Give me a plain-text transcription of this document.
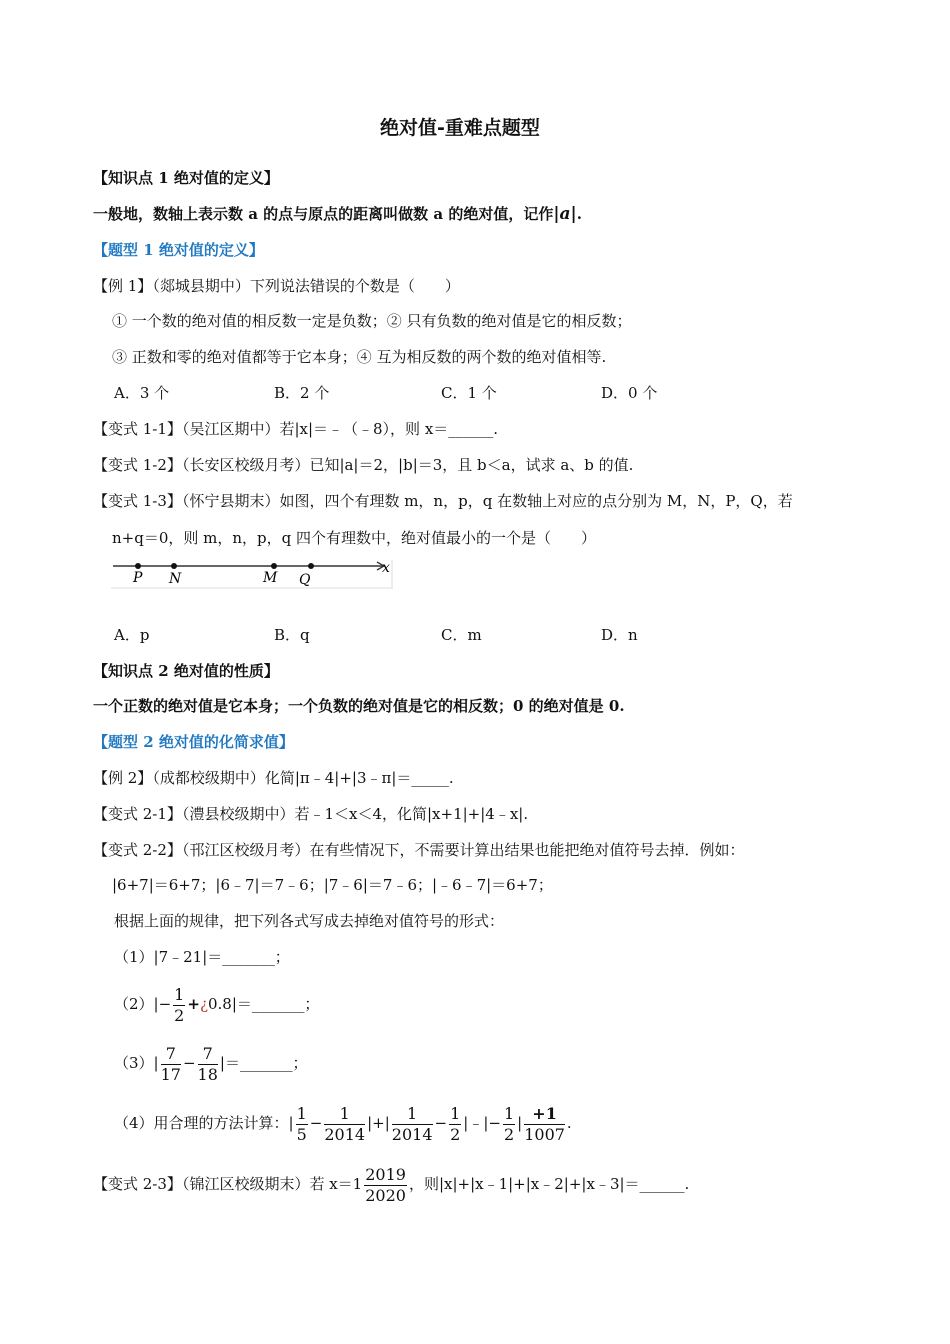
绝对值-重难点题型
【知识点 1 绝对值的定义】
一般地，数轴上表示数 a 的点与原点的距离叫做数 a 的绝对值，记作|a|.
【题型 1 绝对值的定义】
【例 1】（郯城县期中）下列说法错误的个数是（　　）
① 一个数的绝对值的相反数一定是负数；② 只有负数的绝对值是它的相反数；
③ 正数和零的绝对值都等于它本身；④ 互为相反数的两个数的绝对值相等.
A．3 个	B．2 个	C．1 个	D．0 个
【变式 1-1】（吴江区期中）若|x|＝﹣（﹣8），则 x＝______.
【变式 1-2】（长安区校级月考）已知|a|＝2，|b|＝3，且 b＜a，试求 a、b 的值.
【变式 1-3】（怀宁县期末）如图，四个有理数 m，n，p，q 在数轴上对应的点分别为 M，N，P，Q，若
n+q＝0，则 m，n，p，q 四个有理数中，绝对值最小的一个是（　　）
x
P N	M Q
A．p	B．q	C．m	D．n
【知识点 2 绝对值的性质】
一个正数的绝对值是它本身；一个负数的绝对值是它的相反数；0 的绝对值是 0.
【题型 2 绝对值的化简求值】
【例 2】（成都校级期中）化简|π﹣4|+|3﹣π|＝_____.
【变式 2-1】（澧县校级期中）若﹣1＜x＜4，化简|x+1|+|4﹣x|.
【变式 2-2】（邗江区校级月考）在有些情况下，不需要计算出结果也能把绝对值符号去掉．例如：
|6+7|＝6+7；|6﹣7|＝7﹣6；|7﹣6|＝7﹣6；|﹣6﹣7|＝6+7；
根据上面的规律，把下列各式写成去掉绝对值符号的形式：
（1）|7﹣21|＝_______；
$(2)|- \frac{1}{2}$ +¿0.8|＝_______；
$(3)| \frac{7}{17} - \frac{7}{18}$ |＝_______；
（4）用合理的方法计算：| $\frac{1}{5} - \frac{1}{2014}$ |+| $\frac{1}{2014} - \frac{1}{2}$ |﹣|− $\frac{1}{2}$ | $\frac{+1}{1007}$ .
【变式 2-3】（锦江区校级期末）若 $x=1 \frac{2019}{2020}$ ，则|x|+|x﹣1|+|x﹣2|+|x﹣3|＝______.
